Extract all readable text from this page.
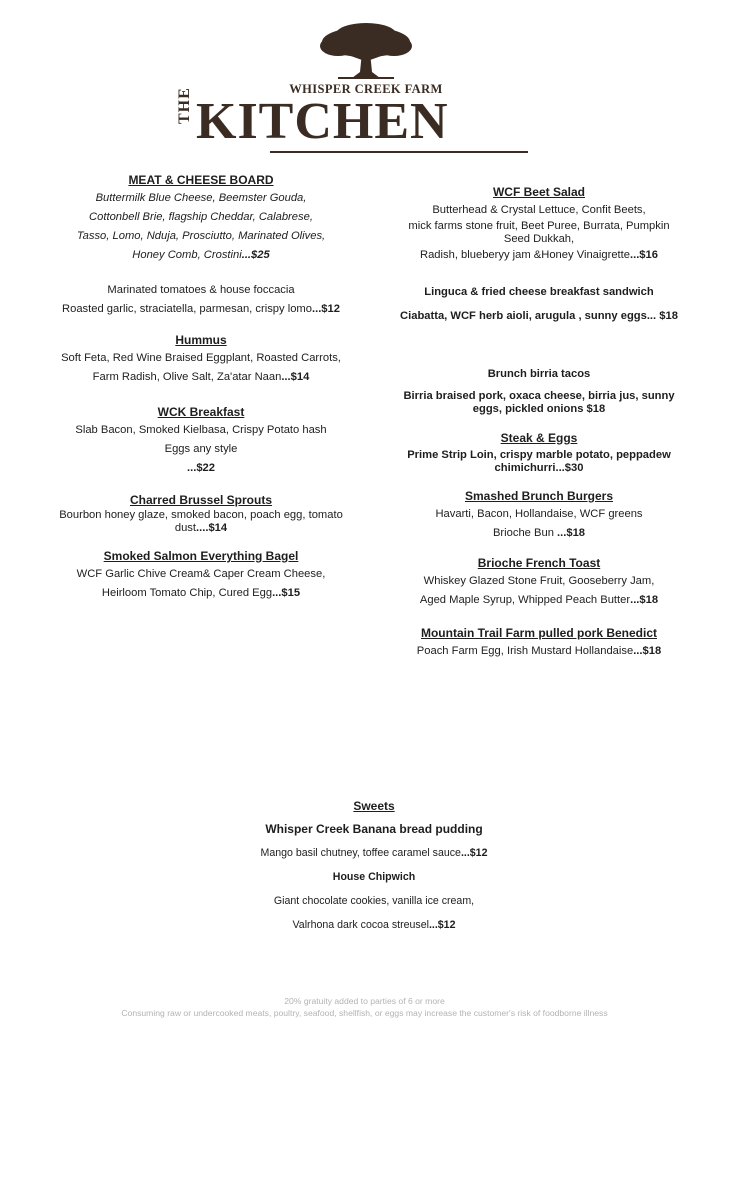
WHISPER CREEK FARM
THE KITCHEN
MEAT & CHEESE BOARD
Buttermilk Blue Cheese, Beemster Gouda,
Cottonbell Brie, flagship Cheddar, Calabrese,
Tasso, Lomo, Nduja, Prosciutto, Marinated Olives,
Honey Comb, Crostini...$25
Marinated tomatoes & house foccacia
Roasted garlic, straciatella, parmesan, crispy lomo...$12
Hummus
Soft Feta, Red Wine Braised Eggplant, Roasted Carrots,
Farm Radish, Olive Salt, Za'atar Naan...$14
WCK Breakfast
Slab Bacon, Smoked Kielbasa, Crispy Potato hash
Eggs any style
...$22
Charred Brussel Sprouts
Bourbon honey glaze, smoked bacon, poach egg, tomato
dust....$14
Smoked Salmon Everything Bagel
WCF Garlic Chive Cream& Caper Cream Cheese,
Heirloom Tomato Chip, Cured Egg...$15
WCF Beet Salad
Butterhead & Crystal Lettuce, Confit Beets,
mick farms stone fruit, Beet Puree, Burrata, Pumpkin
Seed Dukkah,
Radish, blueberyy jam &Honey Vinaigrette...$16
Linguca & fried cheese breakfast sandwich
Ciabatta, WCF herb aioli, arugula , sunny eggs... $18
Brunch birria tacos
Birria braised pork, oxaca cheese, birria jus, sunny
eggs, pickled onions $18
Steak & Eggs
Prime Strip Loin, crispy marble potato, peppadew
chimichurri...$30
Smashed Brunch Burgers
Havarti, Bacon, Hollandaise, WCF greens
Brioche Bun ...$18
Brioche French Toast
Whiskey Glazed Stone Fruit, Gooseberry Jam,
Aged Maple Syrup, Whipped Peach Butter...$18
Mountain Trail Farm pulled pork Benedict
Poach Farm Egg, Irish Mustard Hollandaise...$18
Sweets
Whisper Creek Banana bread pudding
Mango basil chutney, toffee caramel sauce...$12
House Chipwich
Giant chocolate cookies, vanilla ice cream,
Valrhona dark cocoa streusel...$12
20% gratuity added to parties of 6 or more
Consuming raw or undercooked meats, poultry, seafood, shellfish, or eggs may increase the customer's risk of foodborne illness
